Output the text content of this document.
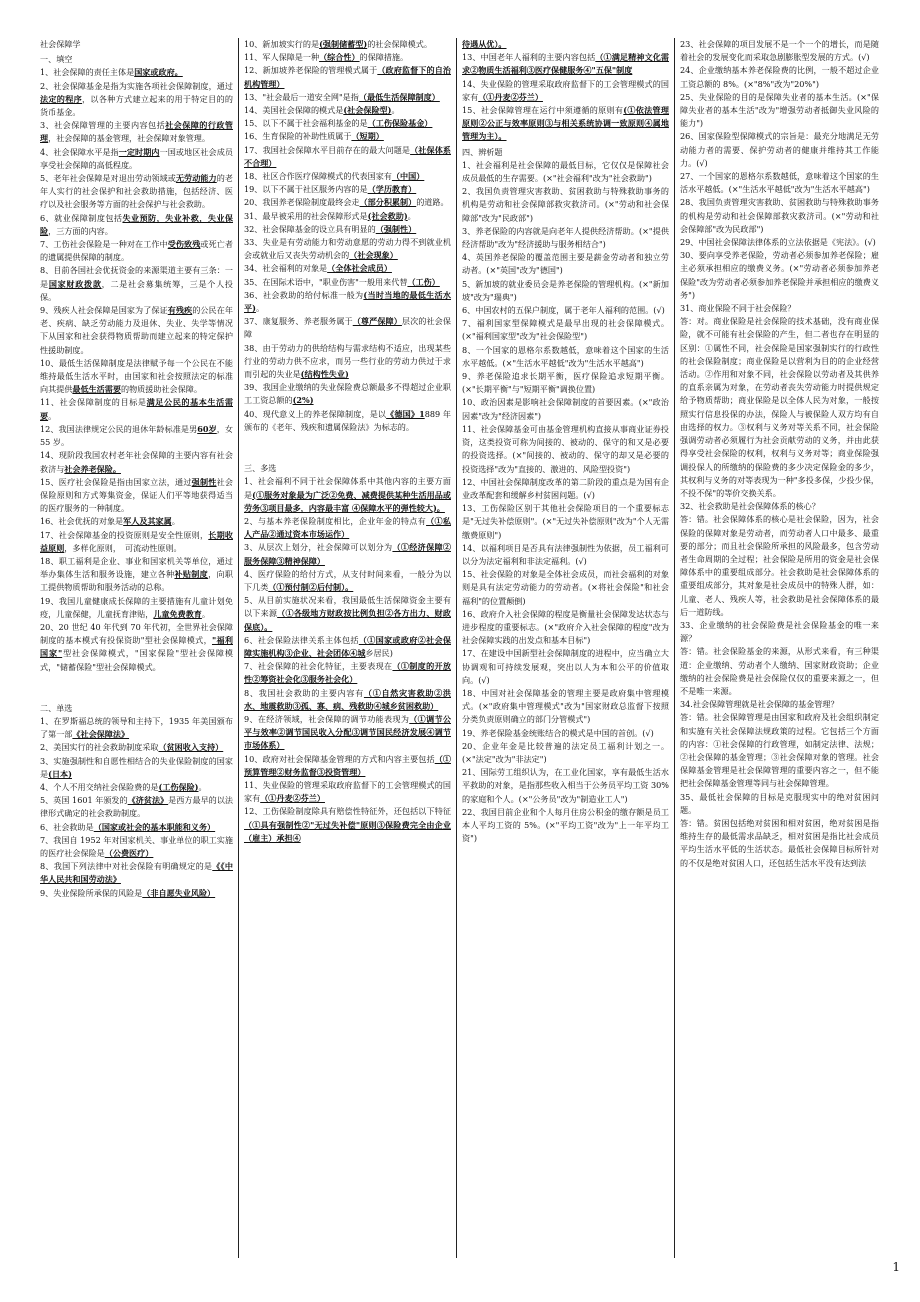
社会保障学

一、填空

1、社会保障的责任主体是国家或政府。

2、社会保障基金是指为实施各项社会保障制度，通过法定的程序，以各种方式建立起来的用于特定目的的货币基金。

3、社会保障管理的主要内容包括社会保障的行政管理，社会保障的基金管理，社会保障对象管理。

4、社会保障水平是指一定时期内一国或地区社会成员享受社会保障的高低程度。

5、老年社会保障是对退出劳动领域或无劳动能力的老年人实行的社会保护和社会救助措施，包括经济、医疗以及社会服务等方面的社会保护与社会救助。

6、就业保障制度包括失业预防，失业补救，失业保险，三方面的内容。

7、工伤社会保险是一种对在工作中受伤致残或死亡者的遗属提供保障的制度。

8、目前各国社会优抚资金的来源渠道主要有三条：一是国家财政拨款，二是社会募集统筹，三是个人投保。

9、残疾人社会保障是国家为了保证有残疾的公民在年老、疾病、缺乏劳动能力及退休、失业、失学等情况下从国家和社会获得物质帮助而建立起来的特定保护性援助制度。

10、最低生活保障制度是法律赋予每一个公民在不能维持最低生活水平时，由国家和社会按照法定的标准向其提供最低生活需要的物质援助社会保障。

11、社会保障制度的目标是满足公民的基本生活需要。

12、我国法律规定公民的退休年龄标准是男60岁，女 55 岁。

14、现阶段我国农村老年社会保障的主要内容有社会救济与社会养老保险。

15、医疗社会保险是指由国家立法，通过强制性社会保险原则和方式筹集资金，保证人们平等地获得适当的医疗服务的一种制度。

16、社会优抚的对象是军人及其家属。

17、社会保障基金的投资原则是安全性原则，长期收益原则，多样化原则，　可流动性原则。

18、职工福利是企业、事业和国家机关等单位，通过举办集体生活和服务设施，建立各种补贴制度，向职工提供物质帮助和服务活动的总称。

19、我国儿童健康成长保障的主要措施有儿童计划免疫，儿童保健，儿童抚育津贴，儿童免费教育。

20、20 世纪 40 年代到 70 年代初，全世界社会保障制度的基本模式有投保资助"型社会保障模式，"福利国家"型社会保障模式，"国家保险"型社会保障模式，"储蓄保险"型社会保障模式。

二、单选

1、在罗斯福总统的领导和主持下，1935 年美国颁布了第一部《社会保障法》

2、美国实行的社会救助制度采取（贫困收入支持）

3、实施强制性和自愿性相结合的失业保险制度的国家是(日本)

4、个人不用交纳社会保险费的是(工伤保险)。

5、英国 1601 年颁发的《济贫法》是西方最早的以法律形式确定的社会救助制度。

6、社会救助是（国家或社会的基本职能和义务）

7、我国自 1952 年对国家机关、事业单位的职工实施的医疗社会保险是（公费医疗）

8、我国下列法律中对社会保险有明确规定的是《《中华人民共和国劳动法》

9、失业保险所承保的风险是（非自愿失业风险）

10、新加坡实行的是(强制储蓄型)的社会保障模式。

11、军人保障是一种（综合性）的保障措施。

12、新加坡养老保险的管理模式属于（政府监督下的自治机构管理）

13、"社会最后一道安全网"是指（最低生活保障制度）

14、美国社会保障的模式是(社会保险型)。

15、以下不属于社会福利基金的是（工伤保险基金）

16、生育保险的补助性质属于（短期）

17、我国社会保障水平目前存在的最大问题是（社保体系不合理）

18、社区合作医疗保障模式的代表国家有（中国）

19、以下不属于社区服务内容的是（学历教育）

20、我国养老保险制度最终会走（部分积累制）的道路。

31、最早被采用的社会保障形式是(社会救助)。

32、社会保障基金的设立具有明显的（强制性）

33、失业是有劳动能力和劳动意愿的劳动力得不到就业机会或就业后又丧失劳动机会的（社会现象）

34、社会福利的对象是（全体社会成员）

35、在国际术语中，"职业伤害"一般用来代替（工伤）

36、社会救助的给付标准一般为(当时当地的最低生活水平)。

37、康复服务、养老服务属于（尊严保障）层次的社会保障

38、由于劳动力的供给结构与需求结构不适应，出现某些行业的劳动力供不应求，而另一些行业的劳动力供过于求而引起的失业是(结构性失业)

39、我国企业缴纳的失业保险费总额最多不得超过企业职工工资总额的(2%)

40、现代意义上的养老保障制度，是以《德国》1889 年颁布的《老年、残疾和遗属保险法》为标志的。

三、多选

1、社会福利不同于社会保障体系中其他内容的主要方面是(①服务对象最为广泛②免费、减费提供某种生活用品或劳务③项目最多，内容最丰富 ④保障水平的弹性较大)。

2、与基本养老保险制度相比，企业年金的特点有（①私人产品②通过资本市场运作）

3、从层次上划分，社会保障可以划分为（①经济保障②服务保障③精神保障）

4、医疗保险的给付方式，从支付时间来看，一般分为以下几类（①预付制②后付制）。

5、从目前实施状况来看，我国最低生活保障资金主要有以下来源（①各级地方财政按比例负担②各方出力、财政保底）。

6、社会保险法律关系主体包括（①国家或政府②社会保障实施机构③企业、社会团体④城乡居民)

7、社会保障的社会化特征，主要表现在（①制度的开放性②筹资社会化③服务社会化）

8、我国社会救助的主要内容有（①自然灾害救助②洪水、地震救助③孤、寡、病、残救助④城乡贫困救助）

9、在经济领域，社会保障的调节功能表现为（①调节公平与效率②调节国民收入分配③调节国民经济发展④调节市场体系）

10、政府对社会保障基金管理的方式和内容主要包括（①预算管理②财务监督③投资管理）

11、失业保险的管理采取政府监督下的工会管理模式的国家有（①丹麦②芬兰）

12、工伤保险制度除具有赔偿性特征外，还包括以下特征（①具有强制性②"无过失补偿"原则③保险费完全由企业（雇主）承担④

待遇从优）。

13、中国老年人福利的主要内容包括（①满足精神文化需求②物质生活福利③医疗保健服务④"五保"制度

14、失业保险的管理采取政府监督下的工会管理模式的国家有（①丹麦②芬兰）

15、社会保障管理在运行中须遵循的原则有(①依法管理原则②公正与效率原则③与相关系统协调一致原则④属地管理为主）。

四、辨析题

1、社会福利是社会保障的最低目标，它仅仅是保障社会成员最低的生存需要。(×"社会福利"改为"社会救助")

2、我国负责管理灾害救助、贫困救助与特殊救助事务的机构是劳动和社会保障部救灾救济司。(×"劳动和社会保障部"改为"民政部")

3、养老保险的内容就是向老年人提供经济帮助。(×"提供经济帮助"改为"经济援助与服务相结合")

4、英国养老保险的覆盖范围主要是薪金劳动者和独立劳动者。(×"英国"改为"德国")

5、新加坡的就业委员会是养老保险的管理机构。(×"新加坡"改为"瑞典")

6、中国农村的五保户制度，属于老年人福利的范围。(√)

7、福利国家型保障模式是最早出现的社会保障模式。(×"福利国家型"改为"社会保险型")

8、一个国家的恩格尔系数越低，意味着这个国家的生活水平越低。(×"生活水平越低"改为"生活水平越高")

9、养老保险追求长期平衡，医疗保险追求短期平衡。(×"长期平衡"与"短期平衡"调换位置)

10、政治因素是影响社会保障制度的首要因素。(×"政治因素"改为"经济因素")

11、社会保障基金可由基金管理机构直接从事商业证券投资，这类投资可称为间接的、被动的、保守的和又是必要的投资选择。(×"间接的、被动的、保守的却又是必要的投资选择"改为"直接的、激进的、风险型投资")

12、中国社会保障制度改革的第二阶段的重点是为国有企业改革配套和缓解乡村贫困问题。(√)

13、工伤保险区别于其他社会保险项目的一个重要标志是"无过失补偿原则"。(×"无过失补偿原则"改为"个人无需缴费原则")

14、以福利项目是否具有法律强制性为依据，员工福利可以分为法定福利和非法定福利。(√)

15、社会保险的对象是全体社会成员，而社会福利的对象则是具有法定劳动能力的劳动者。(×将社会保险"和社会福利"的位置颠倒)

16、政府介入社会保障的程度是衡量社会保障发达状态与进步程度的重要标志。(×"政府介入社会保障的程度"改为社会保障实践的出发点和基本目标")

17、在建设中国新型社会保障制度的进程中，应当确立大协调观和可持续发展观，突出以人为本和公平的价值取向。(√)

18、中国对社会保障基金的管理主要是政府集中管理模式。(×"政府集中管理模式"改为"国家财政总监督下按照分类负责原则确立的部门分管模式")

19、养老保险基金统账结合的模式是中国的首创。(√)

20、企业年金是比较普遍的法定员工福利计划之一。(×"法定"改为"非法定")

21、国际劳工组织认为，在工业化国家，享有最低生活水平救助的对象，是指那些收入相当于公务员平均工资 30%的家庭和个人。(×"公务员"改为"制造业工人")

22、我国目前企业和个人每月住房公积金的缴存额是员工本人平均工资的 5%。(×"平均工资"改为"上一年平均工资")

23、社会保障的项目发展不是一个一个的增长，而是随着社会的发展变化而采取急剧膨胀型发展的方式。(√)

24、企业缴纳基本养老保险费的比例，一般不超过企业工资总额的 8%。(×"8%"改为"20%")

25、失业保险的目的是保障失业者的基本生活。(×"保障失业者的基本生活"改为"增强劳动者抵御失业风险的能力")

26、国家保险型保障模式的宗旨是：最充分地满足无劳动能力者的需要、保护劳动者的健康并维持其工作能力。(√)

27、一个国家的恩格尔系数越低，意味着这个国家的生活水平越低。(×"生活水平越低"改为"生活水平越高")

28、我国负责管理灾害救助、贫困救助与特殊救助事务的机构是劳动和社会保障部救灾救济司。(×"劳动和社会保障部"改为民政部")

29、中国社会保障法律体系的立法依据是《宪法》。(√)

30、要向享受养老保险，劳动者必须参加养老保险；雇主必须承担相应的缴费义务。(×"劳动者必须参加养老保险"改为劳动者必须参加养老保险并承担相应的缴费义务")

31、商业保险不同于社会保险？

答：对。商业保险是社会保险的技术基础，没有商业保险，就不可能有社会保险的产生，但二者也存在明显的区别：①属性不同，社会保险是国家强制实行的行政性的社会保险制度；商业保险是以营利为目的的企业经营活动。②作用和对象不同，社会保险以劳动者及其供养的直系亲属为对象，在劳动者丧失劳动能力时提供规定给予物质帮助；商业保险是以全体人民为对象，一般按照实行信息投保的办法，保险人与被保险人双方均有自由选择的权力。③权利与义务对等关系不同，社会保险强调劳动者必须履行为社会贡献劳动的义务，并由此获得享受社会保险的权利，权利与义务对等；商业保险强调投保人的所缴纳的保险费的多少决定保险金的多少，其权利与义务的对等表现为一种"多投多保，少投少保，不投不保"的等价交换关系。

32、社会救助是社会保障体系的核心？

答：错。社会保障体系的核心是社会保险，因为，社会保险的保障对象是劳动者，而劳动者人口中最多、最重要的部分；而且社会保险所承担的风险最多，包含劳动者生命周期的全过程；社会保险是所用的资金是社会保障体系中的重要组成部分。社会救助是社会保障体系的重要组成部分，其对象是社会成员中的特殊人群，如：儿童、老人、残疾人等，社会救助是社会保障体系的最后一道防线。

33、企业缴纳的社会保险费是社会保险基金的唯一来源？

答：错。社会保险基金的来源，从形式来看，有三种渠道：企业缴纳、劳动者个人缴纳、国家财政资助；企业缴纳的社会保险费是社会保险仅仅的重要来源之一，但不是唯一来源。

34.社会保障管理就是社会保障的基金管理？

答：错。社会保障管理是由国家和政府及社会组织制定和实施有关社会保障法规政策的过程。它包括三个方面的内容：①社会保障的行政管理，如制定法律、法规；②社会保障的基金管理；③社会保障对象的管理。社会保障基金管理是社会保障管理的重要内容之一，但不能把社会保障基金管理等同与社会保障管理。

35、最低社会保障的目标是克服现实中的绝对贫困问题。

答：错。贫困包括绝对贫困和相对贫困，绝对贫困是指维持生存的最低需求品缺乏，相对贫困是指比社会成员平均生活水平低的生活状态。最低社会保障目标所针对的不仅是绝对贫困人口，还包括生活水平没有达到法

1
